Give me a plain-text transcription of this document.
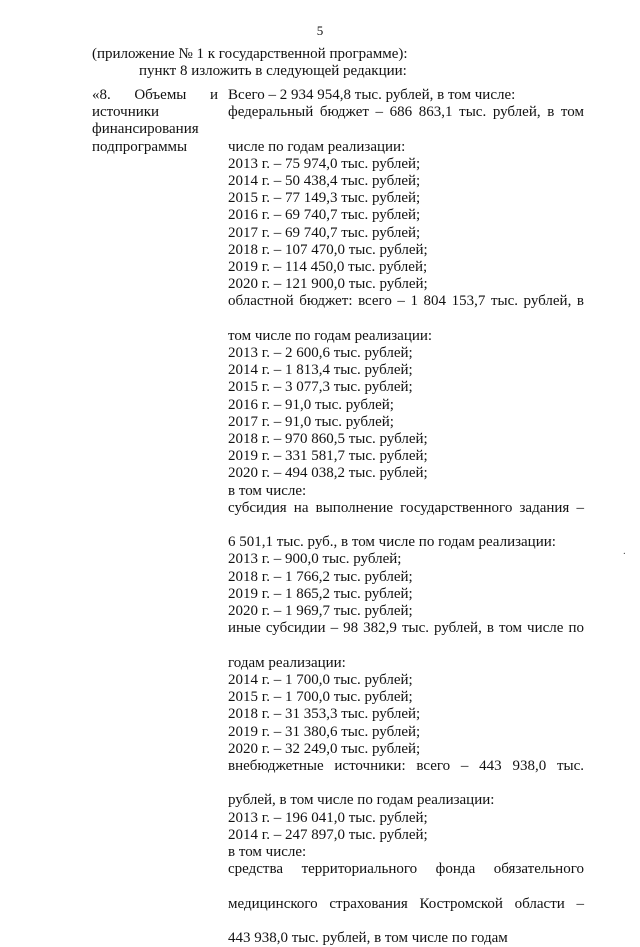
5
(приложение № 1 к государственной программе):
пункт 8 изложить в следующей редакции:
«8. Объемы и
источники
финансирования
подпрограммы
Всего – 2 934 954,8 тыс. рублей, в том числе:
федеральный бюджет – 686 863,1 тыс. рублей, в том
числе по годам реализации:
2013 г. – 75 974,0 тыс. рублей;
2014 г. – 50 438,4 тыс. рублей;
2015 г. – 77 149,3 тыс. рублей;
2016 г. – 69 740,7 тыс. рублей;
2017 г. – 69 740,7 тыс. рублей;
2018 г. – 107 470,0 тыс. рублей;
2019 г. – 114 450,0 тыс. рублей;
2020 г. – 121 900,0 тыс. рублей;
областной бюджет: всего – 1 804 153,7 тыс. рублей, в
том числе по годам реализации:
2013 г. – 2 600,6 тыс. рублей;
2014 г. – 1 813,4 тыс. рублей;
2015 г. – 3 077,3 тыс. рублей;
2016 г. – 91,0 тыс. рублей;
2017 г. – 91,0 тыс. рублей;
2018 г. – 970 860,5 тыс. рублей;
2019 г. – 331 581,7 тыс. рублей;
2020 г. – 494 038,2 тыс. рублей;
в том числе:
субсидия на выполнение государственного задания –
6 501,1 тыс. руб., в том числе по годам реализации:
2013 г. – 900,0 тыс. рублей;
2018 г. – 1 766,2 тыс. рублей;
2019 г. – 1 865,2 тыс. рублей;
2020 г. – 1 969,7 тыс. рублей;
иные субсидии – 98 382,9 тыс. рублей, в том числе по
годам реализации:
2014 г. – 1 700,0 тыс. рублей;
2015 г. – 1 700,0 тыс. рублей;
2018 г. – 31 353,3 тыс. рублей;
2019 г. – 31 380,6 тыс. рублей;
2020 г. – 32 249,0 тыс. рублей;
внебюджетные источники: всего – 443 938,0 тыс.
рублей, в том числе по годам реализации:
2013 г. – 196 041,0 тыс. рублей;
2014 г. – 247 897,0 тыс. рублей;
в том числе:
средства территориального фонда обязательного
медицинского страхования Костромской области –
443 938,0 тыс. рублей, в том числе по годам
.
